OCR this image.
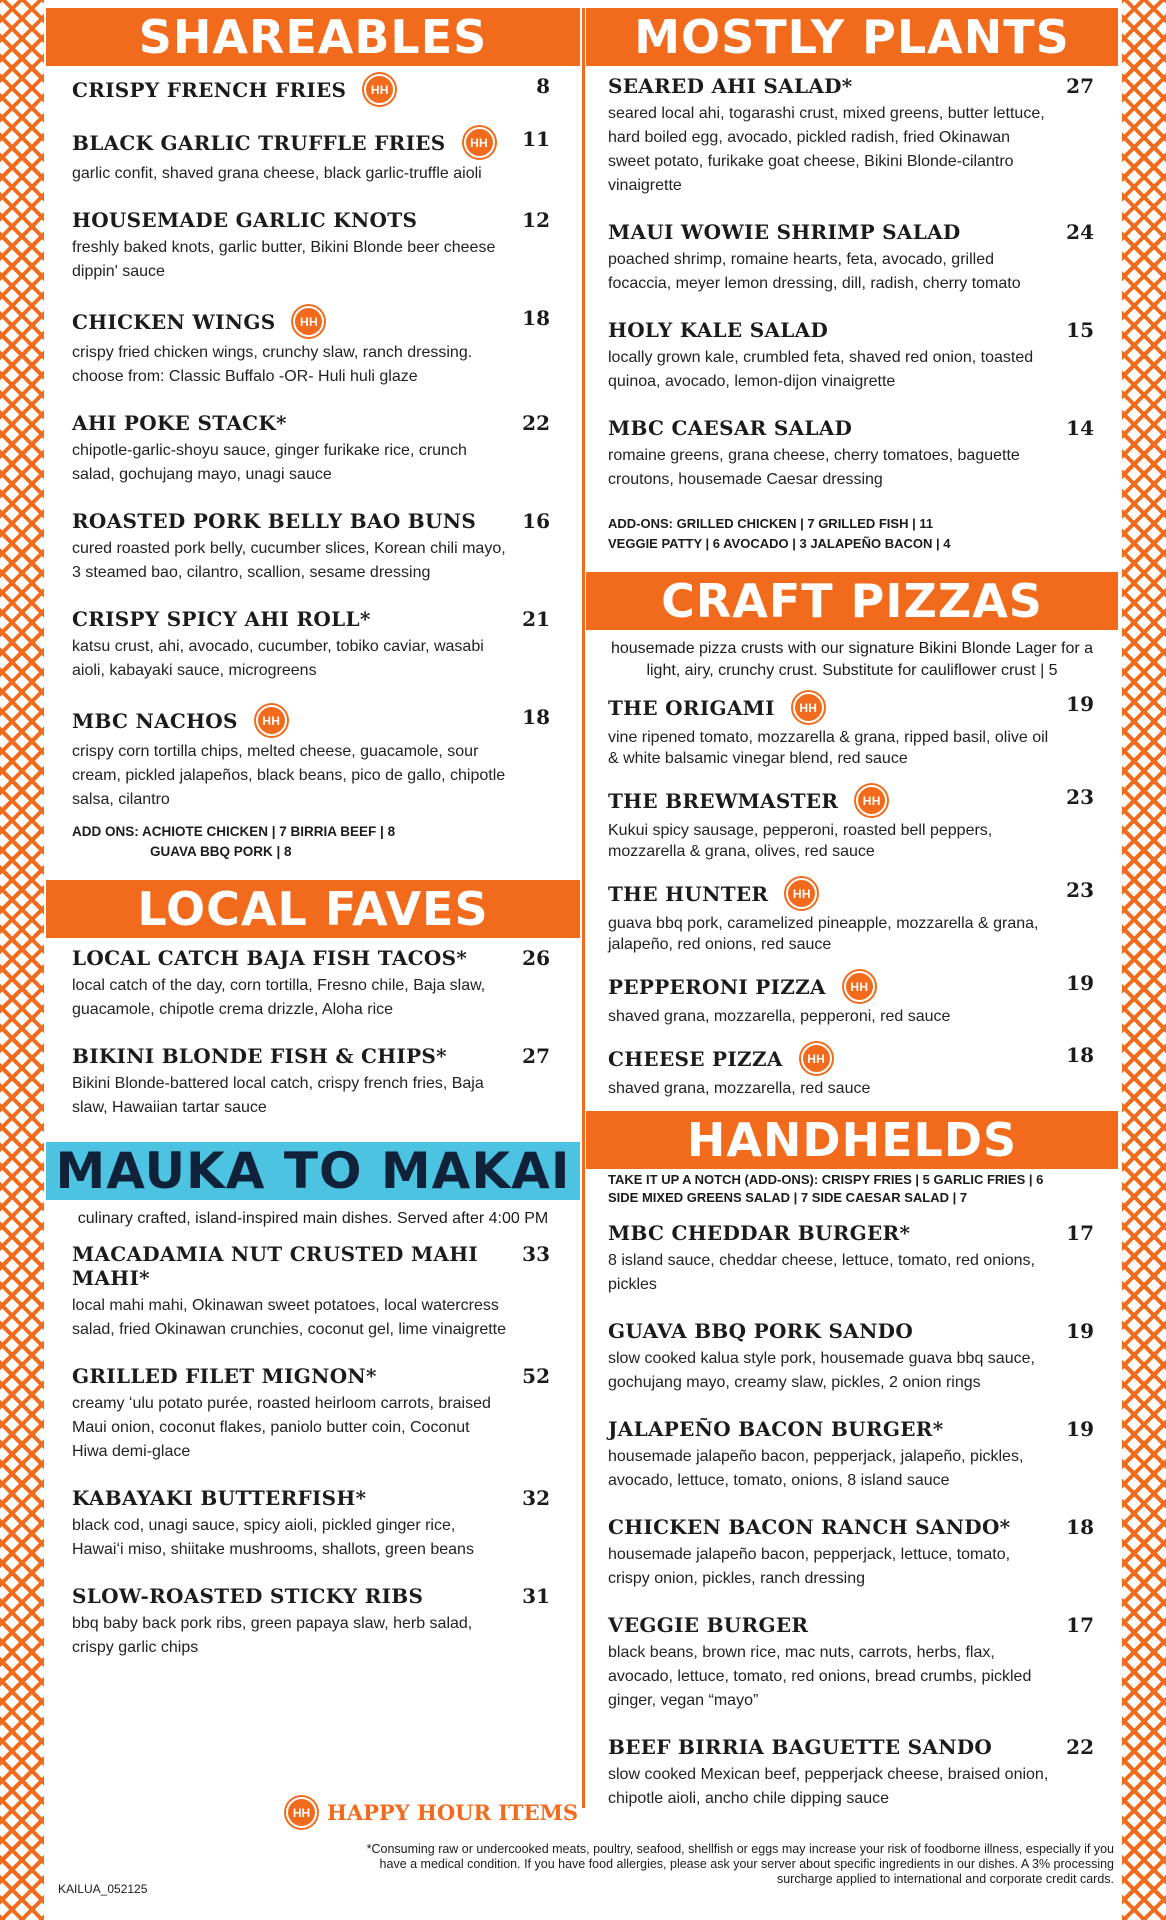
SHAREABLES
CRISPY FRENCH FRIES	HH	8
BLACK GARLIC TRUFFLE FRIES	HH	11
garlic confit, shaved grana cheese, black garlic-truffle aioli
HOUSEMADE GARLIC KNOTS	12
freshly baked knots, garlic butter, Bikini Blonde beer cheese dippin' sauce
CHICKEN WINGS	HH	18
crispy fried chicken wings, crunchy slaw, ranch dressing. choose from: Classic Buffalo -OR- Huli huli glaze
AHI POKE STACK*	22
chipotle-garlic-shoyu sauce, ginger furikake rice, crunch salad, gochujang mayo, unagi sauce
ROASTED PORK BELLY BAO BUNS	16
cured roasted pork belly, cucumber slices, Korean chili mayo, 3 steamed bao, cilantro, scallion, sesame dressing
CRISPY SPICY AHI ROLL*	21
katsu crust, ahi, avocado, cucumber, tobiko caviar, wasabi aioli, kabayaki sauce, microgreens
MBC NACHOS	HH	18
crispy corn tortilla chips, melted cheese, guacamole, sour cream, pickled jalapeños, black beans, pico de gallo, chipotle salsa, cilantro
ADD ONS: ACHIOTE CHICKEN | 7 BIRRIA BEEF | 8
GUAVA BBQ PORK | 8
LOCAL FAVES
LOCAL CATCH BAJA FISH TACOS*	26
local catch of the day, corn tortilla, Fresno chile, Baja slaw, guacamole, chipotle crema drizzle, Aloha rice
BIKINI BLONDE FISH & CHIPS*	27
Bikini Blonde-battered local catch, crispy french fries, Baja slaw, Hawaiian tartar sauce
MAUKA TO MAKAI
culinary crafted, island-inspired main dishes. Served after 4:00 PM
MACADAMIA NUT CRUSTED MAHI MAHI*
33
local mahi mahi, Okinawan sweet potatoes, local watercress salad, fried Okinawan crunchies, coconut gel, lime vinaigrette
GRILLED FILET MIGNON*	52
creamy ʻulu potato purée, roasted heirloom carrots, braised Maui onion, coconut flakes, paniolo butter coin, Coconut Hiwa demi-glace
KABAYAKI BUTTERFISH*	32
black cod, unagi sauce, spicy aioli, pickled ginger rice, Hawaiʻi miso, shiitake mushrooms, shallots, green beans
SLOW-ROASTED STICKY RIBS	31
bbq baby back pork ribs, green papaya slaw, herb salad, crispy garlic chips
MOSTLY PLANTS
SEARED AHI SALAD*	27
seared local ahi, togarashi crust, mixed greens, butter lettuce, hard boiled egg, avocado, pickled radish, fried Okinawan sweet potato, furikake goat cheese, Bikini Blonde-cilantro vinaigrette
MAUI WOWIE SHRIMP SALAD	24
poached shrimp, romaine hearts, feta, avocado, grilled focaccia, meyer lemon dressing, dill, radish, cherry tomato
HOLY KALE SALAD	15
locally grown kale, crumbled feta, shaved red onion, toasted quinoa, avocado, lemon-dijon vinaigrette
MBC CAESAR SALAD	14
romaine greens, grana cheese, cherry tomatoes, baguette croutons, housemade Caesar dressing
ADD-ONS: GRILLED CHICKEN | 7 GRILLED FISH | 11
VEGGIE PATTY | 6 AVOCADO | 3 JALAPEÑO BACON | 4
CRAFT PIZZAS
housemade pizza crusts with our signature Bikini Blonde Lager for a light, airy, crunchy crust. Substitute for cauliflower crust | 5
THE ORIGAMI	HH	19
vine ripened tomato, mozzarella & grana, ripped basil, olive oil & white balsamic vinegar blend, red sauce
THE BREWMASTER	HH	23
Kukui spicy sausage, pepperoni, roasted bell peppers, mozzarella & grana, olives, red sauce
THE HUNTER	HH	23
guava bbq pork, caramelized pineapple, mozzarella & grana, jalapeño, red onions, red sauce
PEPPERONI PIZZA	HH	19
shaved grana, mozzarella, pepperoni, red sauce
CHEESE PIZZA	HH	18
shaved grana, mozzarella, red sauce
HANDHELDS
TAKE IT UP A NOTCH (ADD-ONS): CRISPY FRIES | 5 GARLIC FRIES | 6
SIDE MIXED GREENS SALAD | 7 SIDE CAESAR SALAD | 7
MBC CHEDDAR BURGER*	17
8 island sauce, cheddar cheese, lettuce, tomato, red onions, pickles
GUAVA BBQ PORK SANDO	19
slow cooked kalua style pork, housemade guava bbq sauce, gochujang mayo, creamy slaw, pickles, 2 onion rings
JALAPEÑO BACON BURGER*	19
housemade jalapeño bacon, pepperjack, jalapeño, pickles, avocado, lettuce, tomato, onions, 8 island sauce
CHICKEN BACON RANCH SANDO*	18
housemade jalapeño bacon, pepperjack, lettuce, tomato, crispy onion, pickles, ranch dressing
VEGGIE BURGER	17
black beans, brown rice, mac nuts, carrots, herbs, flax, avocado, lettuce, tomato, red onions, bread crumbs, pickled ginger, vegan “mayo”
BEEF BIRRIA BAGUETTE SANDO	22
slow cooked Mexican beef, pepperjack cheese, braised onion, chipotle aioli, ancho chile dipping sauce
HH HAPPY HOUR ITEMS
*Consuming raw or undercooked meats, poultry, seafood, shellfish or eggs may increase your risk of foodborne illness, especially if you have a medical condition. If you have food allergies, please ask your server about specific ingredients in our dishes. A 3% processing surcharge applied to international and corporate credit cards.
KAILUA_052125
